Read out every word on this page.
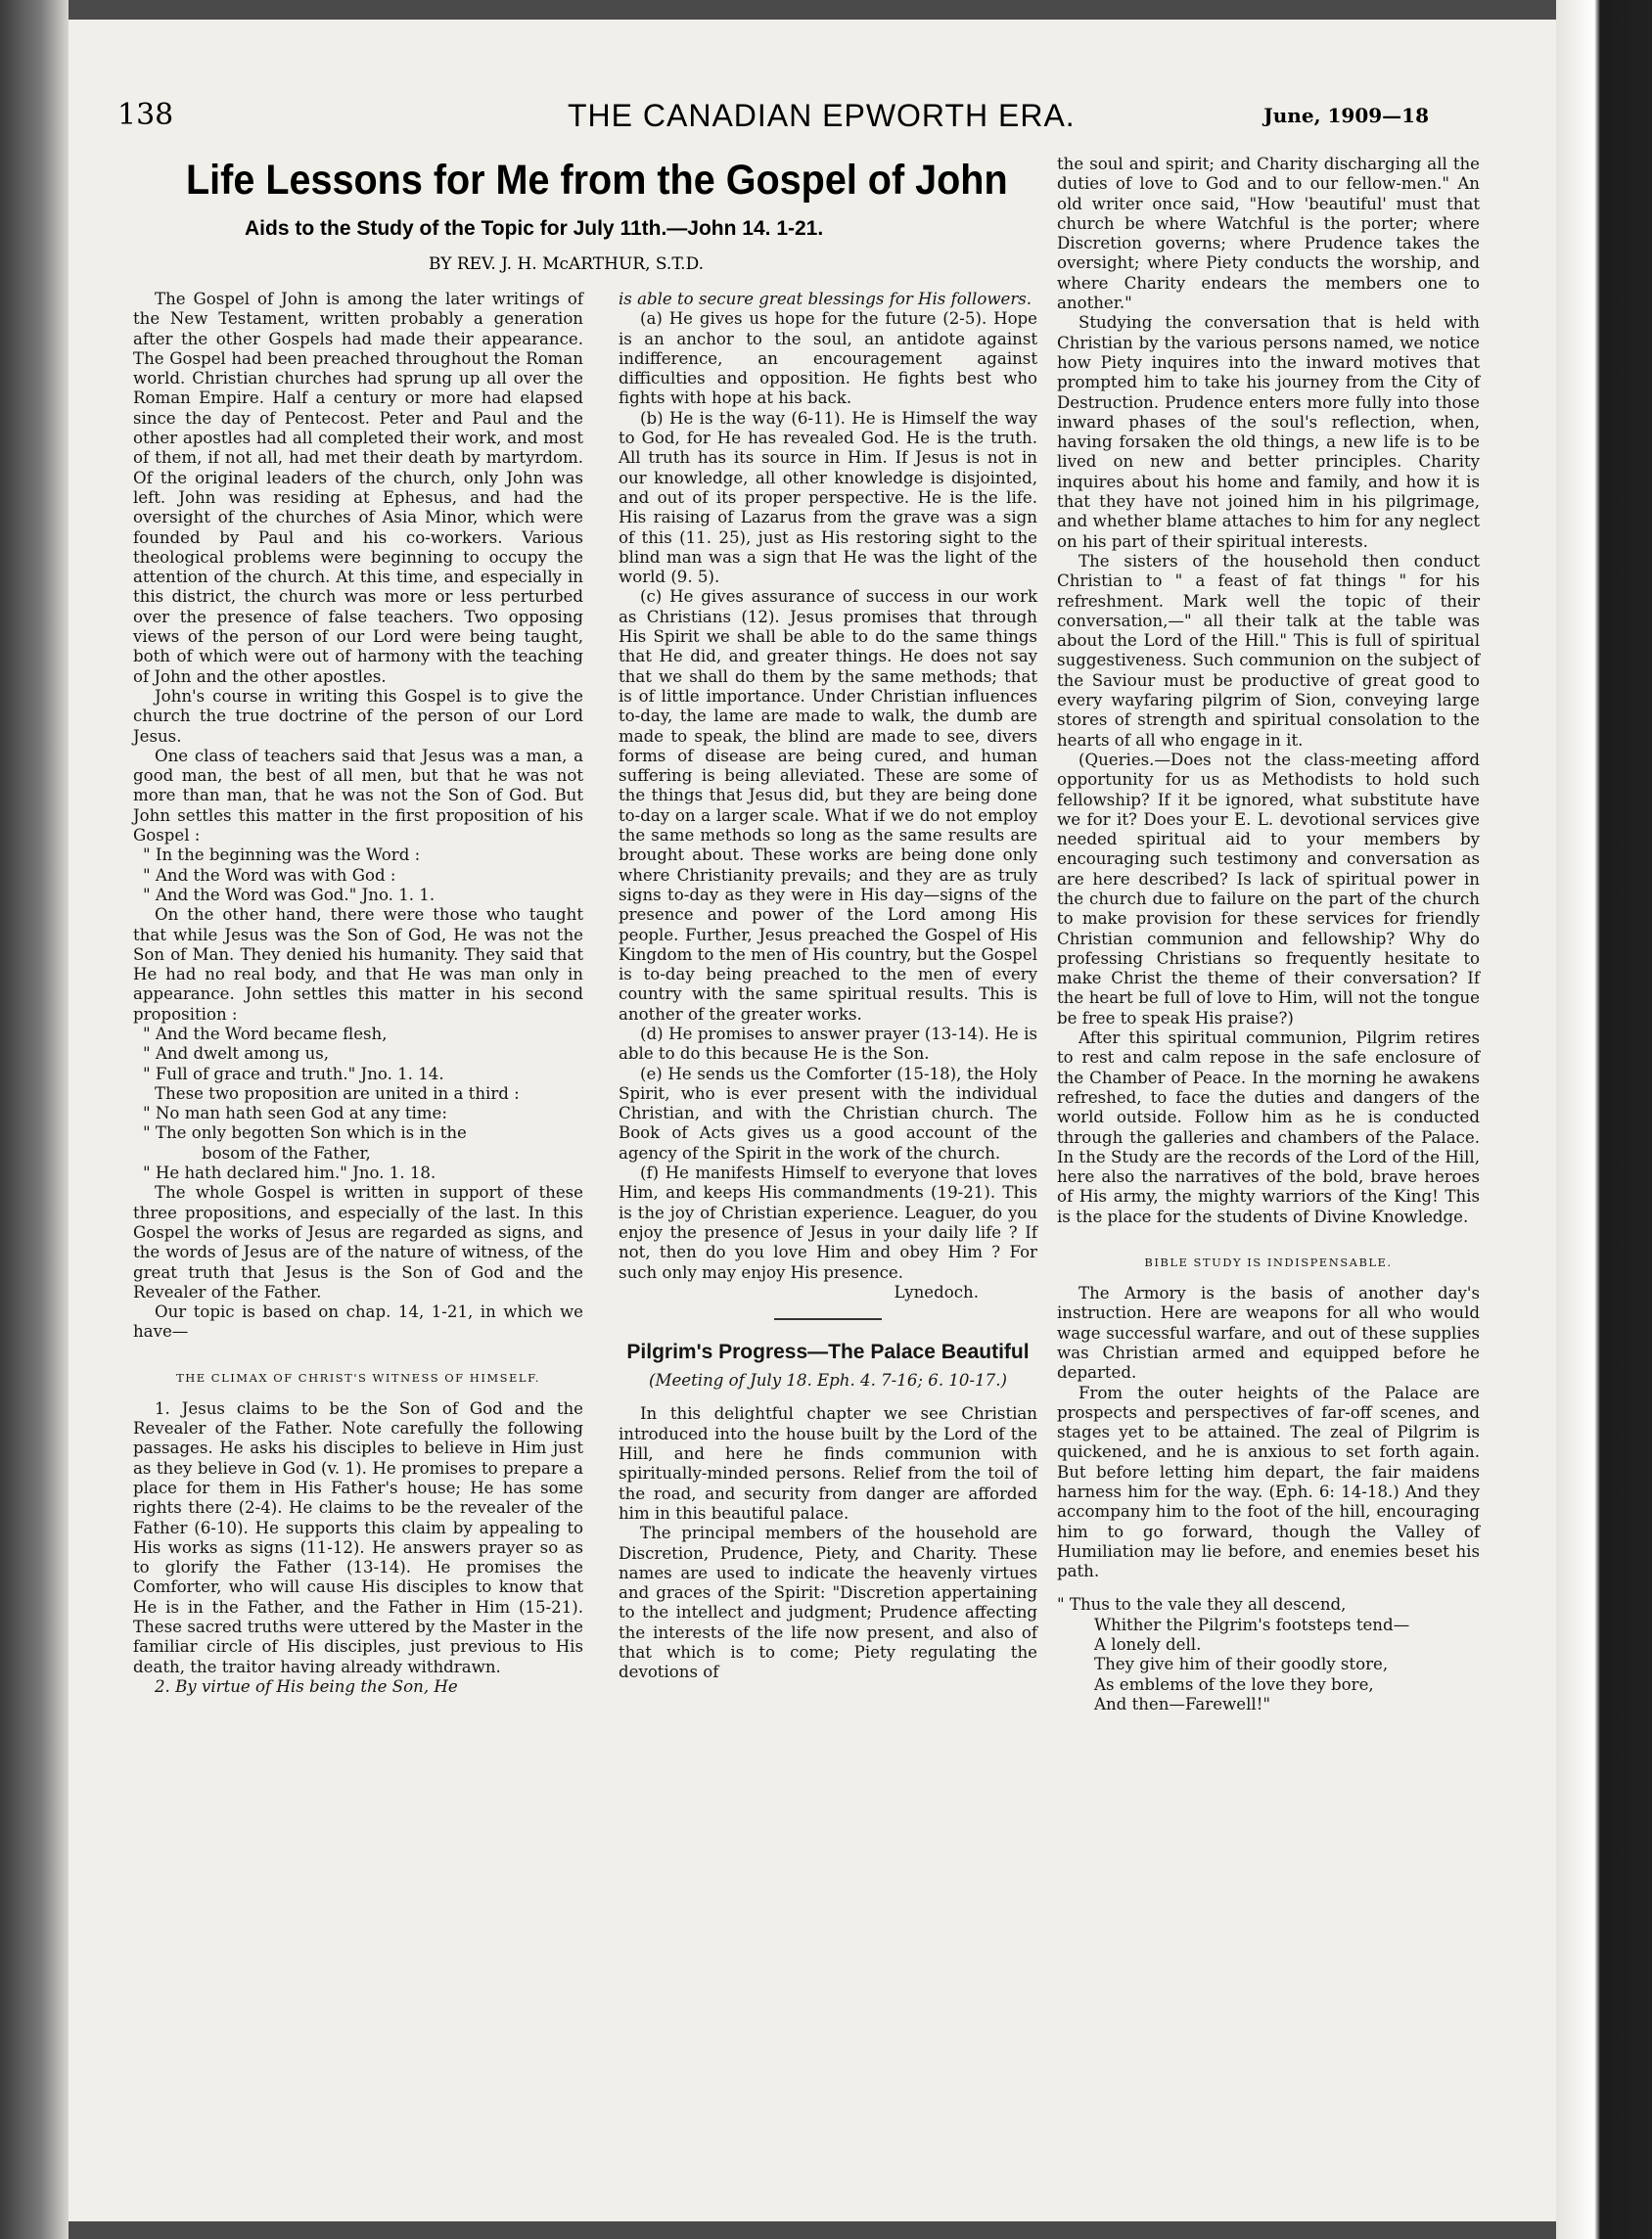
138	THE CANADIAN EPWORTH ERA.	June, 1909—18
Life Lessons for Me from the Gospel of John
Aids to the Study of the Topic for July 11th.—John 14. 1-21.
BY REV. J. H. McARTHUR, S.T.D.

The Gospel of John is among the later writings of the New Testament, written probably a generation after the other Gospels had made their appearance. The Gospel had been preached throughout the Roman world. Christian churches had sprung up all over the Roman Empire. Half a century or more had elapsed since the day of Pentecost. Peter and Paul and the other apostles had all completed their work, and most of them, if not all, had met their death by martyrdom. Of the original leaders of the church, only John was left. John was residing at Ephesus, and had the oversight of the churches of Asia Minor, which were founded by Paul and his co-workers. Various theological problems were beginning to occupy the attention of the church. At this time, and especially in this district, the church was more or less perturbed over the presence of false teachers. Two opposing views of the person of our Lord were being taught, both of which were out of harmony with the teaching of John and the other apostles.

John's course in writing this Gospel is to give the church the true doctrine of the person of our Lord Jesus.

One class of teachers said that Jesus was a man, a good man, the best of all men, but that he was not more than man, that he was not the Son of God. But John settles this matter in the first proposition of his Gospel :

" In the beginning was the Word :

" And the Word was with God :

" And the Word was God." Jno. 1. 1.

On the other hand, there were those who taught that while Jesus was the Son of God, He was not the Son of Man. They denied his humanity. They said that He had no real body, and that He was man only in appearance. John settles this matter in his second proposition :

" And the Word became flesh,

" And dwelt among us,

" Full of grace and truth." Jno. 1. 14.

These two proposition are united in a third :

" No man hath seen God at any time:

" The only begotten Son which is in the

bosom of the Father,

" He hath declared him." Jno. 1. 18.

The whole Gospel is written in support of these three propositions, and especially of the last. In this Gospel the works of Jesus are regarded as signs, and the words of Jesus are of the nature of witness, of the great truth that Jesus is the Son of God and the Revealer of the Father.

Our topic is based on chap. 14, 1-21, in which we have—

THE CLIMAX OF CHRIST'S WITNESS OF HIMSELF.

1. Jesus claims to be the Son of God and the Revealer of the Father. Note carefully the following passages. He asks his disciples to believe in Him just as they believe in God (v. 1). He promises to prepare a place for them in His Father's house; He has some rights there (2-4). He claims to be the revealer of the Father (6-10). He supports this claim by appealing to His works as signs (11-12). He answers prayer so as to glorify the Father (13-14). He promises the Comforter, who will cause His disciples to know that He is in the Father, and the Father in Him (15-21). These sacred truths were uttered by the Master in the familiar circle of His disciples, just previous to His death, the traitor having already withdrawn.

2. By virtue of His being the Son, He

is able to secure great blessings for His followers.

(a) He gives us hope for the future (2-5). Hope is an anchor to the soul, an antidote against indifference, an encouragement against difficulties and opposition. He fights best who fights with hope at his back.

(b) He is the way (6-11). He is Himself the way to God, for He has revealed God. He is the truth. All truth has its source in Him. If Jesus is not in our knowledge, all other knowledge is disjointed, and out of its proper perspective. He is the life. His raising of Lazarus from the grave was a sign of this (11. 25), just as His restoring sight to the blind man was a sign that He was the light of the world (9. 5).

(c) He gives assurance of success in our work as Christians (12). Jesus promises that through His Spirit we shall be able to do the same things that He did, and greater things. He does not say that we shall do them by the same methods; that is of little importance. Under Christian influences to-day, the lame are made to walk, the dumb are made to speak, the blind are made to see, divers forms of disease are being cured, and human suffering is being alleviated. These are some of the things that Jesus did, but they are being done to-day on a larger scale. What if we do not employ the same methods so long as the same results are brought about. These works are being done only where Christianity prevails; and they are as truly signs to-day as they were in His day—signs of the presence and power of the Lord among His people. Further, Jesus preached the Gospel of His Kingdom to the men of His country, but the Gospel is to-day being preached to the men of every country with the same spiritual results. This is another of the greater works.

(d) He promises to answer prayer (13-14). He is able to do this because He is the Son.

(e) He sends us the Comforter (15-18), the Holy Spirit, who is ever present with the individual Christian, and with the Christian church. The Book of Acts gives us a good account of the agency of the Spirit in the work of the church.

(f) He manifests Himself to everyone that loves Him, and keeps His commandments (19-21). This is the joy of Christian experience. Leaguer, do you enjoy the presence of Jesus in your daily life ? If not, then do you love Him and obey Him ? For such only may enjoy His presence.

Lynedoch.

Pilgrim's Progress—The Palace Beautiful
(Meeting of July 18. Eph. 4. 7-16; 6. 10-17.)

In this delightful chapter we see Christian introduced into the house built by the Lord of the Hill, and here he finds communion with spiritually-minded persons. Relief from the toil of the road, and security from danger are afforded him in this beautiful palace.

The principal members of the household are Discretion, Prudence, Piety, and Charity. These names are used to indicate the heavenly virtues and graces of the Spirit: "Discretion appertaining to the intellect and judgment; Prudence affecting the interests of the life now present, and also of that which is to come; Piety regulating the devotions of

the soul and spirit; and Charity discharging all the duties of love to God and to our fellow-men." An old writer once said, "How 'beautiful' must that church be where Watchful is the porter; where Discretion governs; where Prudence takes the oversight; where Piety conducts the worship, and where Charity endears the members one to another."

Studying the conversation that is held with Christian by the various persons named, we notice how Piety inquires into the inward motives that prompted him to take his journey from the City of Destruction. Prudence enters more fully into those inward phases of the soul's reflection, when, having forsaken the old things, a new life is to be lived on new and better principles. Charity inquires about his home and family, and how it is that they have not joined him in his pilgrimage, and whether blame attaches to him for any neglect on his part of their spiritual interests.

The sisters of the household then conduct Christian to " a feast of fat things " for his refreshment. Mark well the topic of their conversation,—" all their talk at the table was about the Lord of the Hill." This is full of spiritual suggestiveness. Such communion on the subject of the Saviour must be productive of great good to every wayfaring pilgrim of Sion, conveying large stores of strength and spiritual consolation to the hearts of all who engage in it.

(Queries.—Does not the class-meeting afford opportunity for us as Methodists to hold such fellowship? If it be ignored, what substitute have we for it? Does your E. L. devotional services give needed spiritual aid to your members by encouraging such testimony and conversation as are here described? Is lack of spiritual power in the church due to failure on the part of the church to make provision for these services for friendly Christian communion and fellowship? Why do professing Christians so frequently hesitate to make Christ the theme of their conversation? If the heart be full of love to Him, will not the tongue be free to speak His praise?)

After this spiritual communion, Pilgrim retires to rest and calm repose in the safe enclosure of the Chamber of Peace. In the morning he awakens refreshed, to face the duties and dangers of the world outside. Follow him as he is conducted through the galleries and chambers of the Palace. In the Study are the records of the Lord of the Hill, here also the narratives of the bold, brave heroes of His army, the mighty warriors of the King! This is the place for the students of Divine Knowledge.

BIBLE STUDY IS INDISPENSABLE.

The Armory is the basis of another day's instruction. Here are weapons for all who would wage successful warfare, and out of these supplies was Christian armed and equipped before he departed.

From the outer heights of the Palace are prospects and perspectives of far-off scenes, and stages yet to be attained. The zeal of Pilgrim is quickened, and he is anxious to set forth again. But before letting him depart, the fair maidens harness him for the way. (Eph. 6: 14-18.) And they accompany him to the foot of the hill, encouraging him to go forward, though the Valley of Humiliation may lie before, and enemies beset his path.

" Thus to the vale they all descend,

Whither the Pilgrim's footsteps tend—

A lonely dell.

They give him of their goodly store,

As emblems of the love they bore,

And then—Farewell!"
